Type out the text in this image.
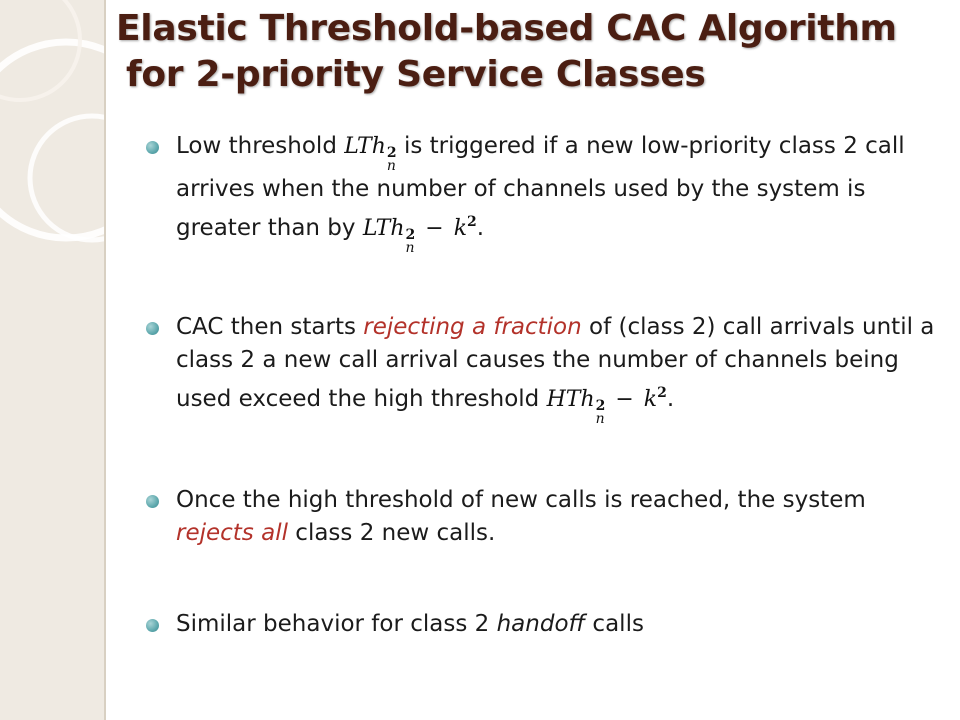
Elastic Threshold-based CAC Algorithm
for 2-priority Service Classes
Low threshold LTh 2
n
is triggered if a new low-priority class 2 call arrives when the number of channels used by the system is greater than by LTh 2
n
− $k^2$.
CAC then starts rejecting a fraction of (class 2) call arrivals until a class 2 a new call arrival causes the number of channels being used exceed the high threshold HTh 2
n
− $k^2$.
Once the high threshold of new calls is reached, the system rejects all class 2 new calls.
Similar behavior for class 2 handoff calls
